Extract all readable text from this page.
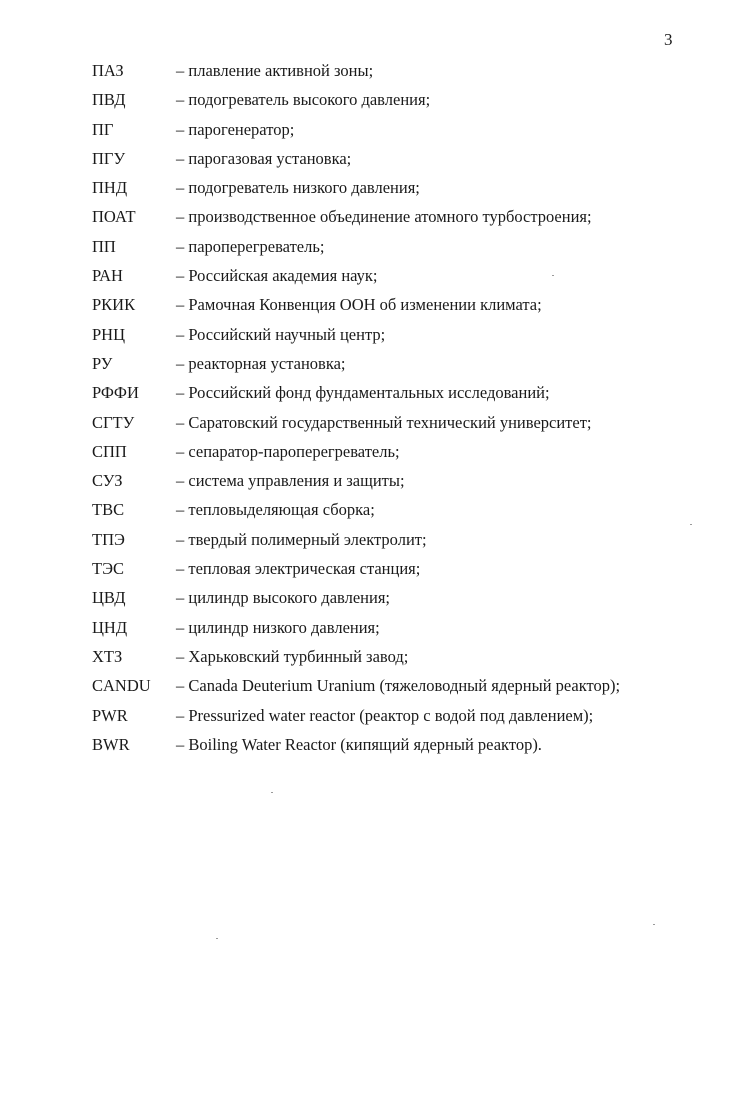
3
ПАЗ	– плавление активной зоны;
ПВД	– подогреватель высокого давления;
ПГ	– парогенератор;
ПГУ	– парогазовая установка;
ПНД	– подогреватель низкого давления;
ПОАТ – производственное объединение атомного турбостроения;
ПП	– пароперегреватель;
РАН	– Российская академия наук;
РКИК – Рамочная Конвенция ООН об изменении климата;
РНЦ	– Российский научный центр;
РУ	– реакторная установка;
РФФИ – Российский фонд фундаментальных исследований;
СГТУ	– Саратовский государственный технический университет;
СПП	– сепаратор-пароперегреватель;
СУЗ	– система управления и защиты;
ТВС	– тепловыделяющая сборка;
ТПЭ	– твердый полимерный электролит;
ТЭС	– тепловая электрическая станция;
ЦВД	– цилиндр высокого давления;
ЦНД	– цилиндр низкого давления;
ХТЗ	– Харьковский турбинный завод;
CANDU – Canada Deuterium Uranium (тяжеловодный ядерный реактор);
PWR	– Pressurized water reactor (реактор с водой под давлением);
BWR	– Boiling Water Reactor (кипящий ядерный реактор).
